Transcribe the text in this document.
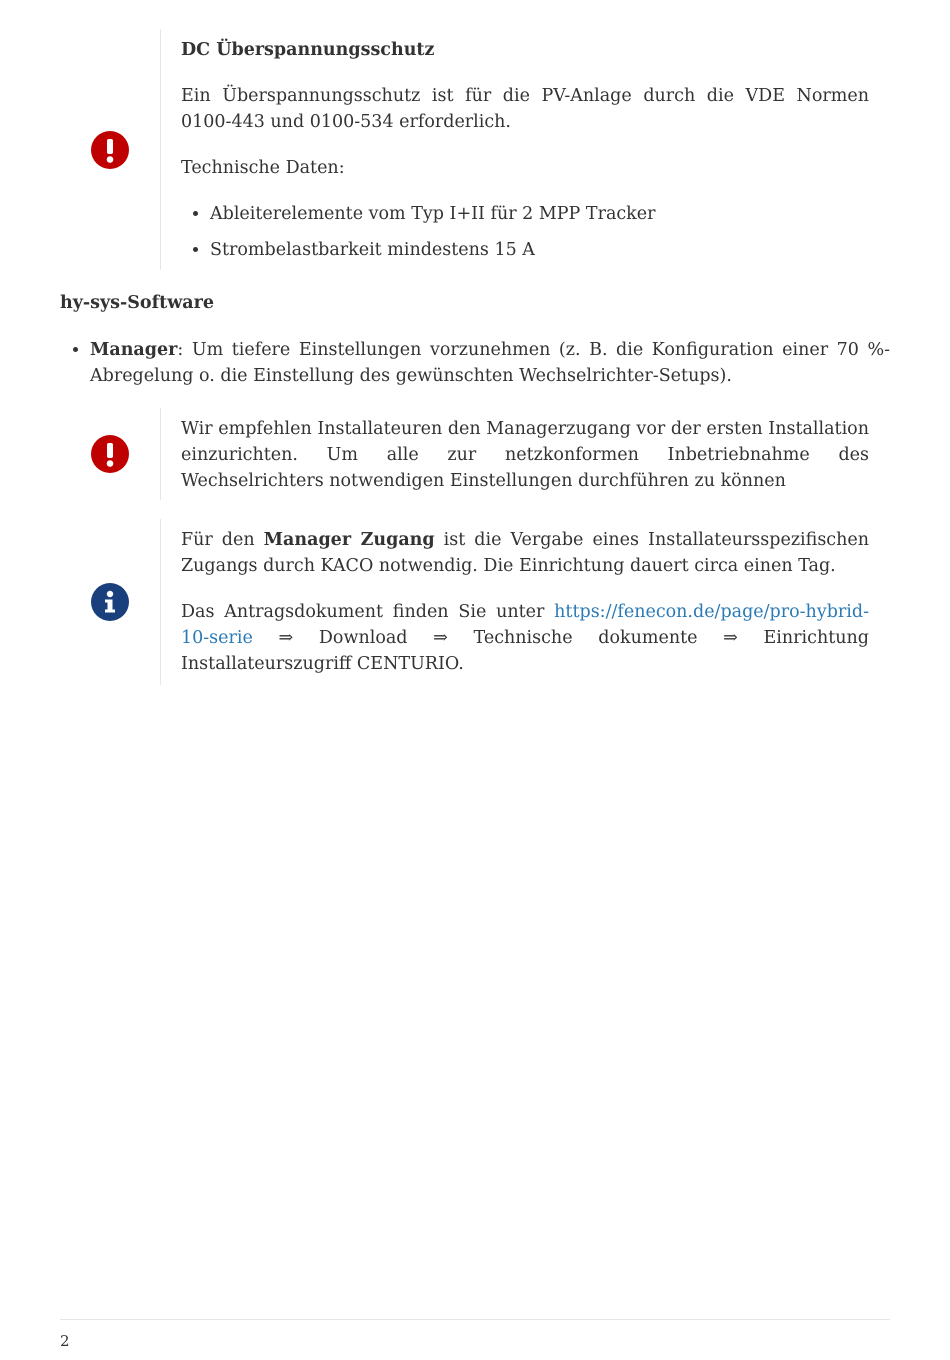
DC Überspannungsschutz

Ein Überspannungsschutz ist für die PV-Anlage durch die VDE Normen 0100-443 und 0100-534 erforderlich.

Technische Daten:

• Ableiterelemente vom Typ I+II für 2 MPP Tracker
• Strombelastbarkeit mindestens 15 A

hy-sys-Software

• Manager: Um tiefere Einstellungen vorzunehmen (z. B. die Konfiguration einer 70 %-Abregelung o. die Einstellung des gewünschten Wechselrichter-Setups).

Wir empfehlen Installateuren den Managerzugang vor der ersten Installation einzurichten. Um alle zur netzkonformen Inbetriebnahme des Wechselrichters notwendigen Einstellungen durchführen zu können

Für den Manager Zugang ist die Vergabe eines Installateursspezifischen Zugangs durch KACO notwendig. Die Einrichtung dauert circa einen Tag.

Das Antragsdokument finden Sie unter https://fenecon.de/page/pro-hybrid-10-serie ⇒ Download ⇒ Technische dokumente ⇒ Einrichtung Installateurszugriff CENTURIO.

2
